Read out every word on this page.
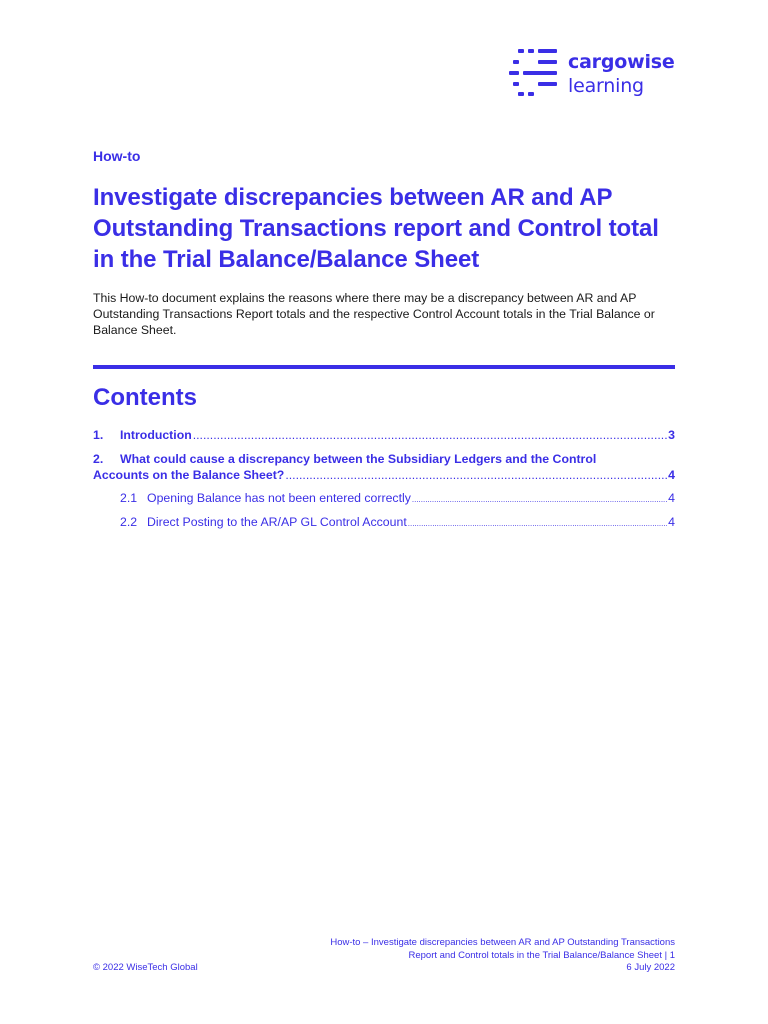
cargowise
learning
How-to
Investigate discrepancies between AR and AP Outstanding Transactions report and Control total in the Trial Balance/Balance Sheet

This How-to document explains the reasons where there may be a discrepancy between AR and AP Outstanding Transactions Report totals and the respective Control Account totals in the Trial Balance or Balance Sheet.

Contents
1.	Introduction .....	3
2.	What could cause a discrepancy between the Subsidiary Ledgers and the Control
Accounts on the Balance Sheet? .....	4
2.1 Opening Balance has not been entered correctly .....	4
2.2 Direct Posting to the AR/AP GL Control Account .....	4
How-to – Investigate discrepancies between AR and AP Outstanding Transactions
Report and Control totals in the Trial Balance/Balance Sheet | 1
6 July 2022
© 2022 WiseTech Global
